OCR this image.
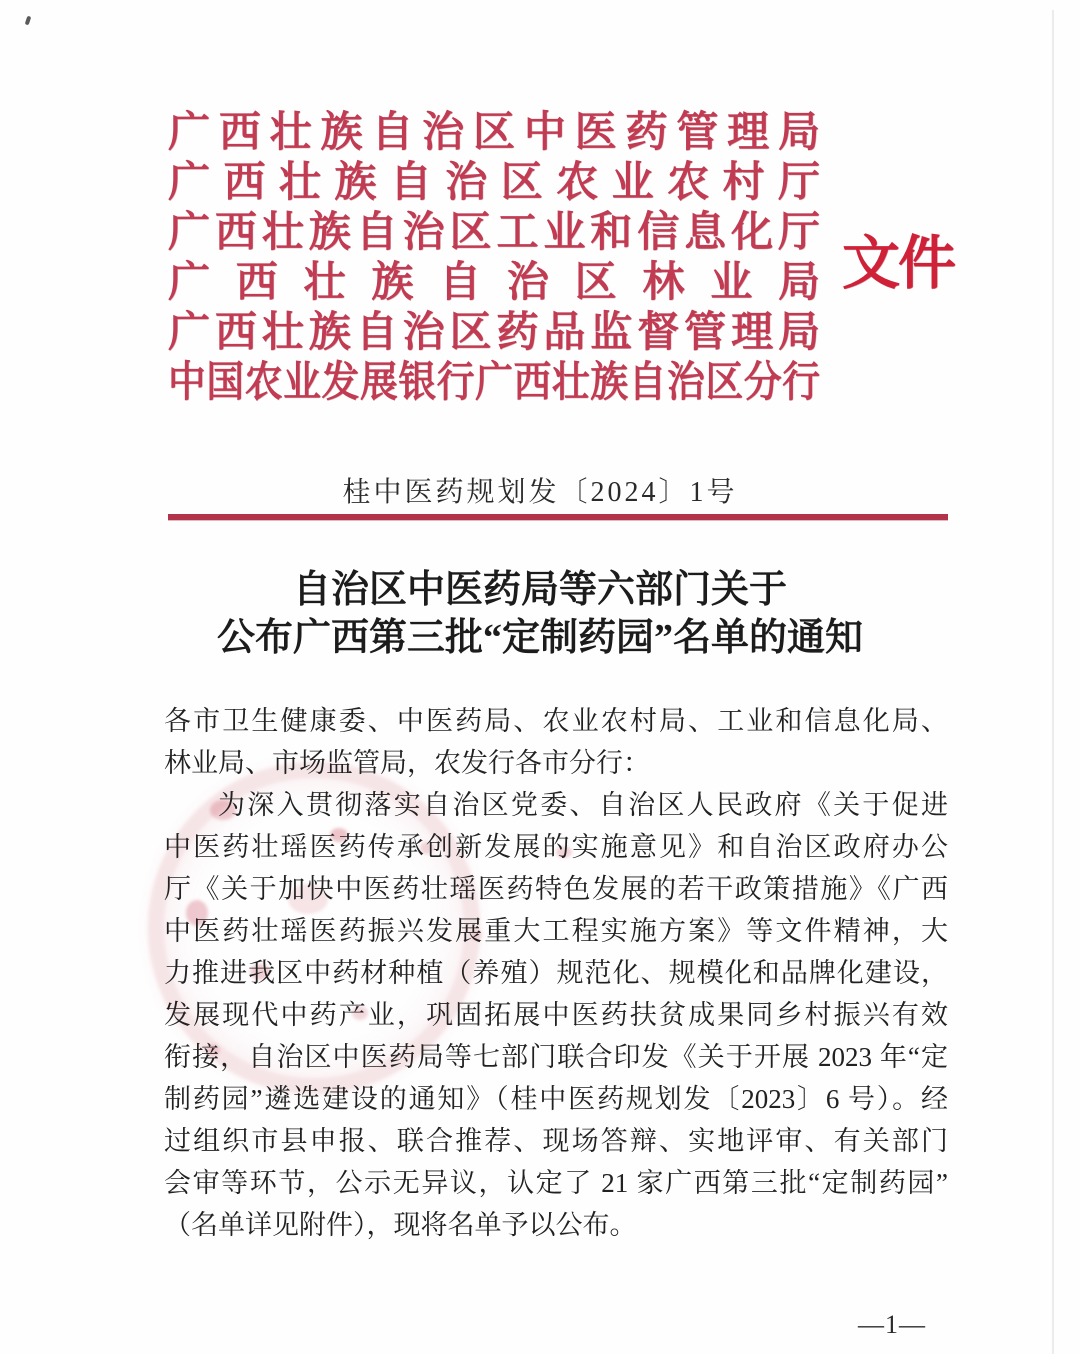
广西壮族自治区中医药管理局
广西壮族自治区农业农村厅
广西壮族自治区工业和信息化厅
广西壮族自治区林业局
广西壮族自治区药品监督管理局
中国农业发展银行广西壮族自治区分行
文件
桂中医药规划发〔2024〕1号
自治区中医药局等六部门关于
公布广西第三批“定制药园”名单的通知
各市卫生健康委、中医药局、农业农村局、工业和信息化局、
林业局、市场监管局，农发行各市分行：
为深入贯彻落实自治区党委、自治区人民政府《关于促进
中医药壮瑶医药传承创新发展的实施意见》和自治区政府办公
厅《关于加快中医药壮瑶医药特色发展的若干政策措施》《广西
中医药壮瑶医药振兴发展重大工程实施方案》等文件精神，大
力推进我区中药材种植（养殖）规范化、规模化和品牌化建设，
发展现代中药产业，巩固拓展中医药扶贫成果同乡村振兴有效
衔接，自治区中医药局等七部门联合印发《关于开展 2023 年“定
制药园”遴选建设的通知》（桂中医药规划发〔2023〕6 号）。经
过组织市县申报、联合推荐、现场答辩、实地评审、有关部门
会审等环节，公示无异议，认定了 21 家广西第三批“定制药园”
（名单详见附件），现将名单予以公布。
—1—
